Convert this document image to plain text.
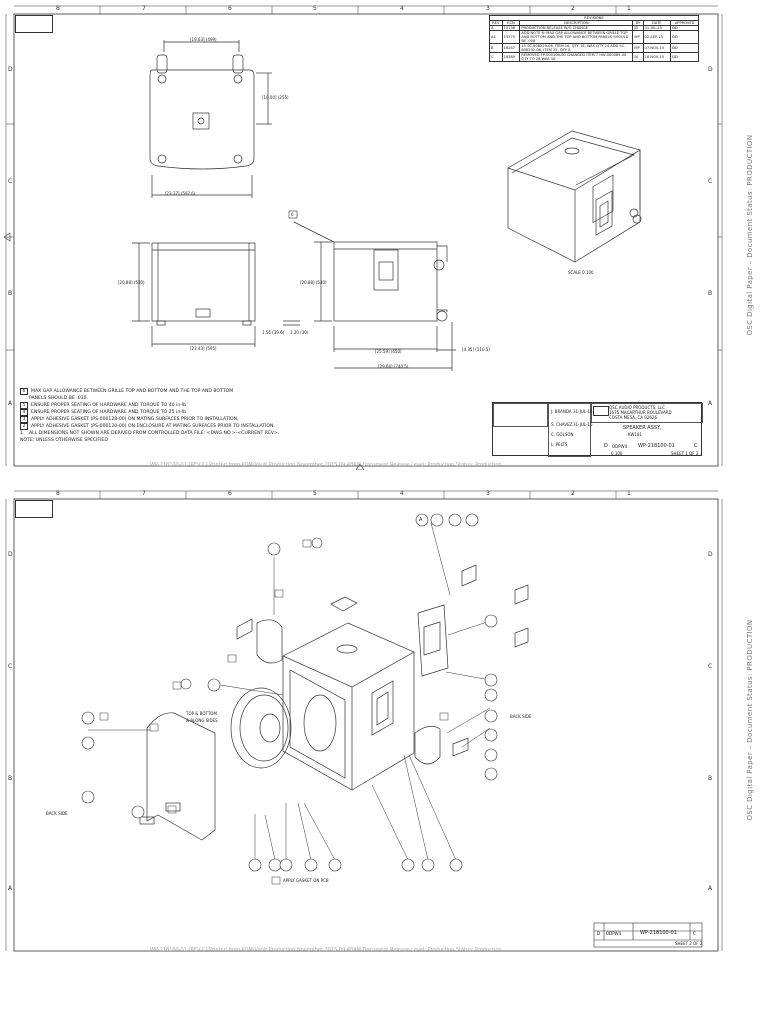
8	7	6	5	4	3	2	1
D
C
B
A
D
C
B
A
[19.63] (499)
[10.00] (255)
[23.37] (597.6)
[20.88] (530)
[23.43] (595)
[20.88] (530)
1.56 (39.6) 1.20 (30)
[25.59] (650)
[29.04] (740.5)
[4.35] (110.5)
SCALE 0.100
6
REVISIONS					
REV	ECN	DESCRIPTION	BY	DATE	APPROVED
A	15136	PRODUCTION RELEASE W/O CHANGE	JB	31-JUL-15	DD
A1	15275	ADD NOTE 6: MAX GAP ALLOWANCE BETWEEN GRILLE TOP AND BOTTOM AND THE TOP AND BOTTOM PANELS SHOULD BE .008	MP	02-SEP-15	DD
B	16287	15 SC-808229-06, ITEM 16, QTY 16; WAS QTY 24 ADD SC-808232-06, ITEM 25, QTY 8	MP	07-NOV-15	DD
C	16389	REMOVED FP-000108-00 CHANGED ITEM 7 HW-000089-00 QTY TO 28 WAS 16	RJ	16-NOV-15	DD
6 MAX GAP ALLOWANCE BETWEEN GRILLE TOP AND BOTTOM AND THE TOP AND BOTTOM
PANELS SHOULD BE .030.
5 ENSURE PROPER SEATING OF HARDWARE AND TORQUE TO 40 in-lb
4 ENSURE PROPER SEATING OF HARDWARE AND TORQUE TO 25 in-lb
3 APPLY ADHESIVE GASKET (PS-000128-00) ON MATING SURFACES PRIOR TO INSTALLATION.
2 APPLY ADHESIVE GASKET (PS-000120-00) ON ENCLOSURE AT MATING SURFACES PRIOR TO INSTALLATION.
1 ALL DIMENSIONS NOT SHOWN ARE DERIVED FROM CONTROLLED DATA FILE: <DWG NO.>-<CURRENT REV>.
NOTE: UNLESS OTHERWISE SPECIFIED
QSC AUDIO PRODUCTS, LLC
1675 MACARTHUR BOULEVARD
COSTA MESA, CA 92626
SPEAKER ASSY,
KW181
J. BRANDA 31-JUL-15
S. CHAVEZ 31-JUL-15
C. GOLSON
L. PELTS	D ODPW4 WP-218100-01	C
0.100	SHEET 1 OF 2
WP-218100-01 [REV C] Printed from PDM/Vault Production November 2015 09:48AM Document Release Level: Production Status: Production
OSC Digital Paper – Document Status: PRODUCTION
8	7	6	5	4	3	2	1
D
C
B
A
D
C
B
A
A
TOP & BOTTOM
& ALONG SIDES
BACK SIDE
BACK SIDE
APPLY GASKET ON PCB
D ODPW4	WP-218100-01	C
SHEET 2 OF 2
WP-218100-01 [REV C] Printed from PDM/Vault Production November 2015 09:48AM Document Release Level: Production Status: Production
OSC Digital Paper – Document Status: PRODUCTION
